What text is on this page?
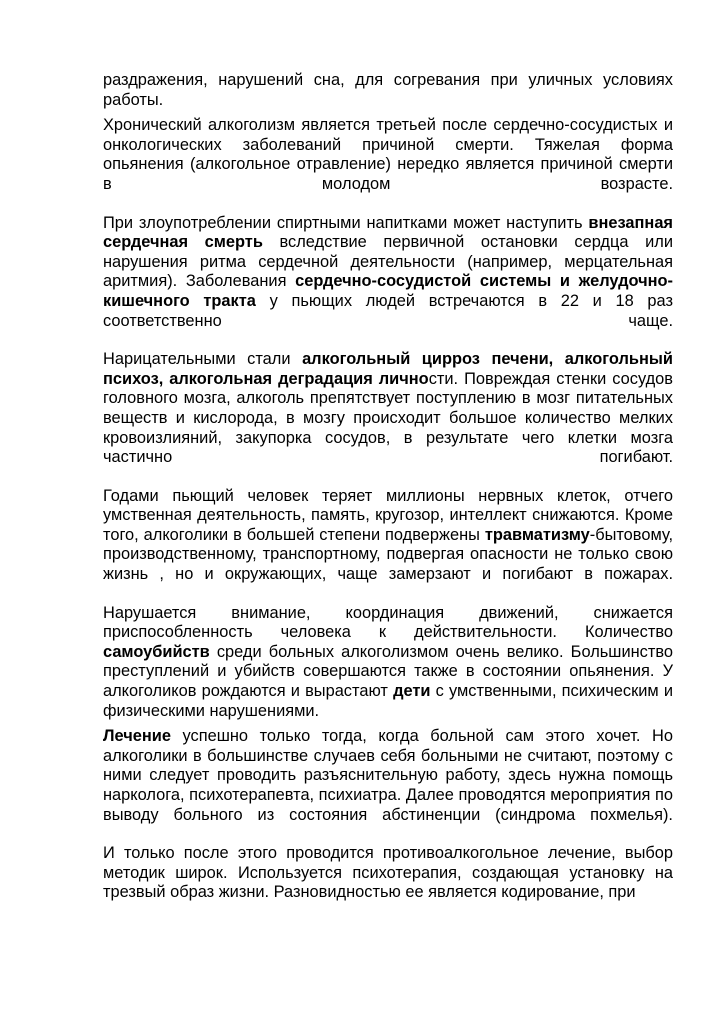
раздражения, нарушений сна, для согревания при уличных условиях работы.

Хронический алкоголизм является третьей после сердечно-сосудистых и онкологических заболеваний причиной смерти. Тяжелая форма опьянения (алкогольное отравление) нередко является причиной смерти в молодом возрасте.

При злоупотреблении спиртными напитками может наступить внезапная сердечная смерть вследствие первичной остановки сердца или нарушения ритма сердечной деятельности (например, мерцательная аритмия). Заболевания сердечно-сосудистой системы и желудочно-кишечного тракта у пьющих людей встречаются в 22 и 18 раз соответственно чаще.

Нарицательными стали алкогольный цирроз печени, алкогольный психоз, алкогольная деградация личности. Повреждая стенки сосудов головного мозга, алкоголь препятствует поступлению в мозг питательных веществ и кислорода, в мозгу происходит большое количество мелких кровоизлияний, закупорка сосудов, в результате чего клетки мозга частично погибают.

Годами пьющий человек теряет миллионы нервных клеток, отчего умственная деятельность, память, кругозор, интеллект снижаются. Кроме того, алкоголики в большей степени подвержены травматизму-бытовому, производственному, транспортному, подвергая опасности не только свою жизнь , но и окружающих, чаще замерзают и погибают в пожарах.

Нарушается внимание, координация движений, снижается приспособленность человека к действительности. Количество самоубийств среди больных алкоголизмом очень велико. Большинство преступлений и убийств совершаются также в состоянии опьянения. У алкоголиков рождаются и вырастают дети с умственными, психическим и физическими нарушениями.

Лечение успешно только тогда, когда больной сам этого хочет. Но алкоголики в большинстве случаев себя больными не считают, поэтому с ними следует проводить разъяснительную работу, здесь нужна помощь нарколога, психотерапевта, психиатра. Далее проводятся мероприятия по выводу больного из состояния абстиненции (синдрома похмелья).

И только после этого проводится противоалкогольное лечение, выбор методик широк. Используется психотерапия, создающая установку на трезвый образ жизни. Разновидностью ее является кодирование, при
